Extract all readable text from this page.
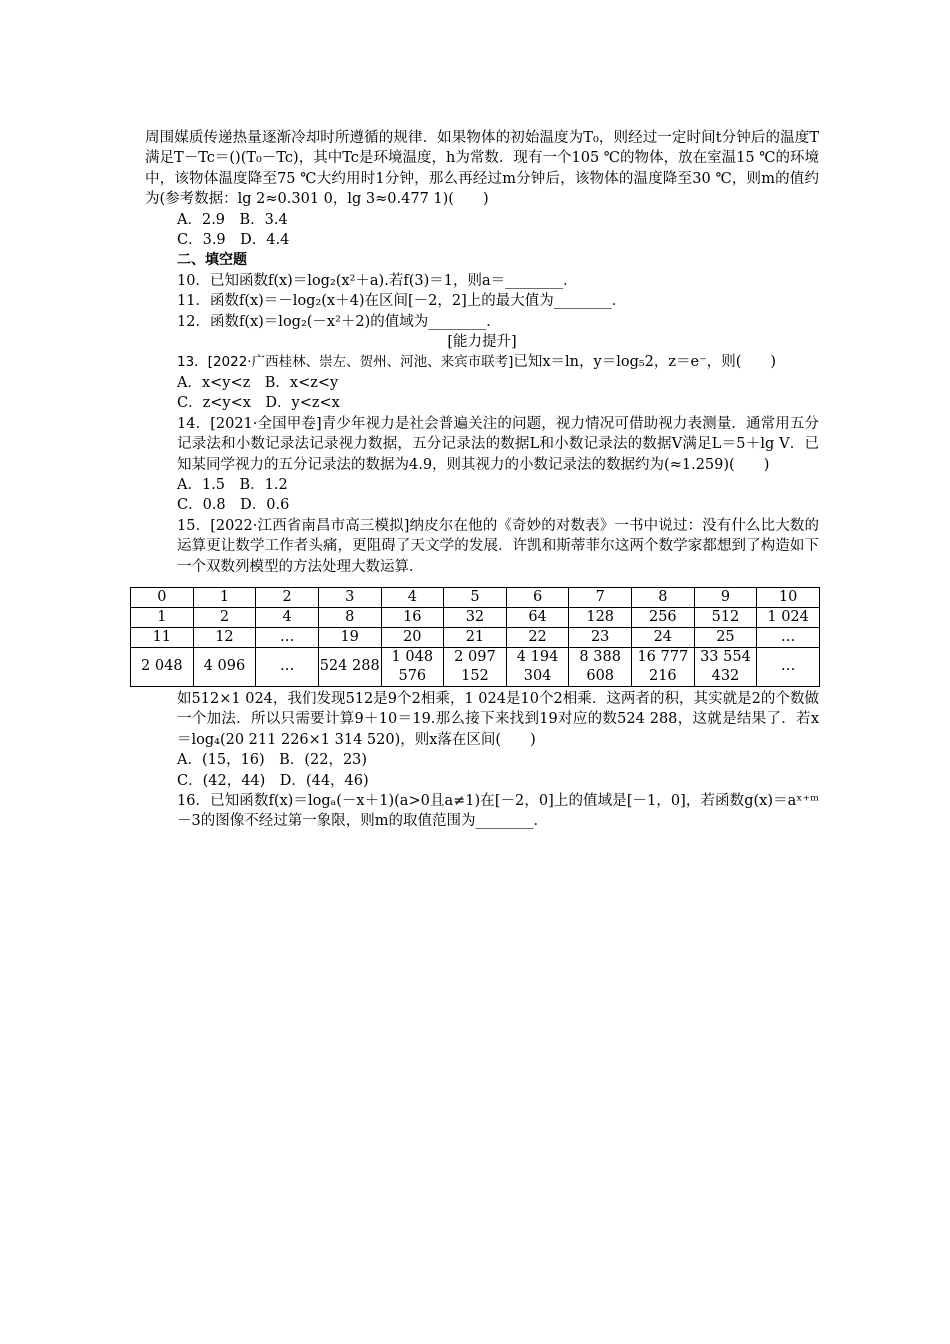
周围媒质传递热量逐渐冷却时所遵循的规律．如果物体的初始温度为T₀，则经过一定时间t分钟后的温度T满足T－Tc＝()(T₀－Tc)，其中Tc是环境温度，h为常数．现有一个105 ℃的物体，放在室温15 ℃的环境中，该物体温度降至75 ℃大约用时1分钟，那么再经过m分钟后，该物体的温度降至30 ℃，则m的值约为(参考数据：lg 2≈0.301 0，lg 3≈0.477 1)(　　)

A．2.9　B．3.4

C．3.9　D．4.4

二、填空题

10．已知函数f(x)＝log₂(x²＋a).若f(3)＝1，则a＝________．

11．函数f(x)＝－log₂(x＋4)在区间[－2，2]上的最大值为________．

12．函数f(x)＝log₂(－x²＋2)的值域为________．

[能力提升]

13．[2022·广西桂林、崇左、贺州、河池、来宾市联考]已知x＝ln，y＝log₅2，z＝e⁻，则(　　)

A．x<y<z　B．x<z<y

C．z<y<x　D．y<z<x

14．[2021·全国甲卷]青少年视力是社会普遍关注的问题，视力情况可借助视力表测量．通常用五分记录法和小数记录法记录视力数据，五分记录法的数据L和小数记录法的数据V满足L＝5＋lg V．已知某同学视力的五分记录法的数据为4.9，则其视力的小数记录法的数据约为(≈1.259)(　　)

A．1.5　B．1.2

C．0.8　D．0.6

15．[2022·江西省南昌市高三模拟]纳皮尔在他的《奇妙的对数表》一书中说过：没有什么比大数的运算更让数学工作者头痛，更阻碍了天文学的发展．许凯和斯蒂菲尔这两个数学家都想到了构造如下一个双数列模型的方法处理大数运算．

0	1	2	3	4	5	6	7	8	9	10
1	2	4	8	16	32	64	128	256	512	1 024
11	12	…	19	20	21	22	23	24	25	…
2 048	4 096	…	524 288	1 048 576	2 097 152	4 194 304	8 388 608	16 777 216	33 554 432	…

如512×1 024，我们发现512是9个2相乘，1 024是10个2相乘．这两者的积，其实就是2的个数做一个加法．所以只需要计算9＋10＝19.那么接下来找到19对应的数524 288，这就是结果了．若x＝log₄(20 211 226×1 314 520)，则x落在区间(　　)

A．(15，16)　B．(22，23)

C．(42，44)　D．(44，46)

16．已知函数f(x)＝logₐ(－x＋1)(a>0且a≠1)在[－2，0]上的值域是[－1，0]，若函数g(x)＝aˣ⁺ᵐ－3的图像不经过第一象限，则m的取值范围为________．
